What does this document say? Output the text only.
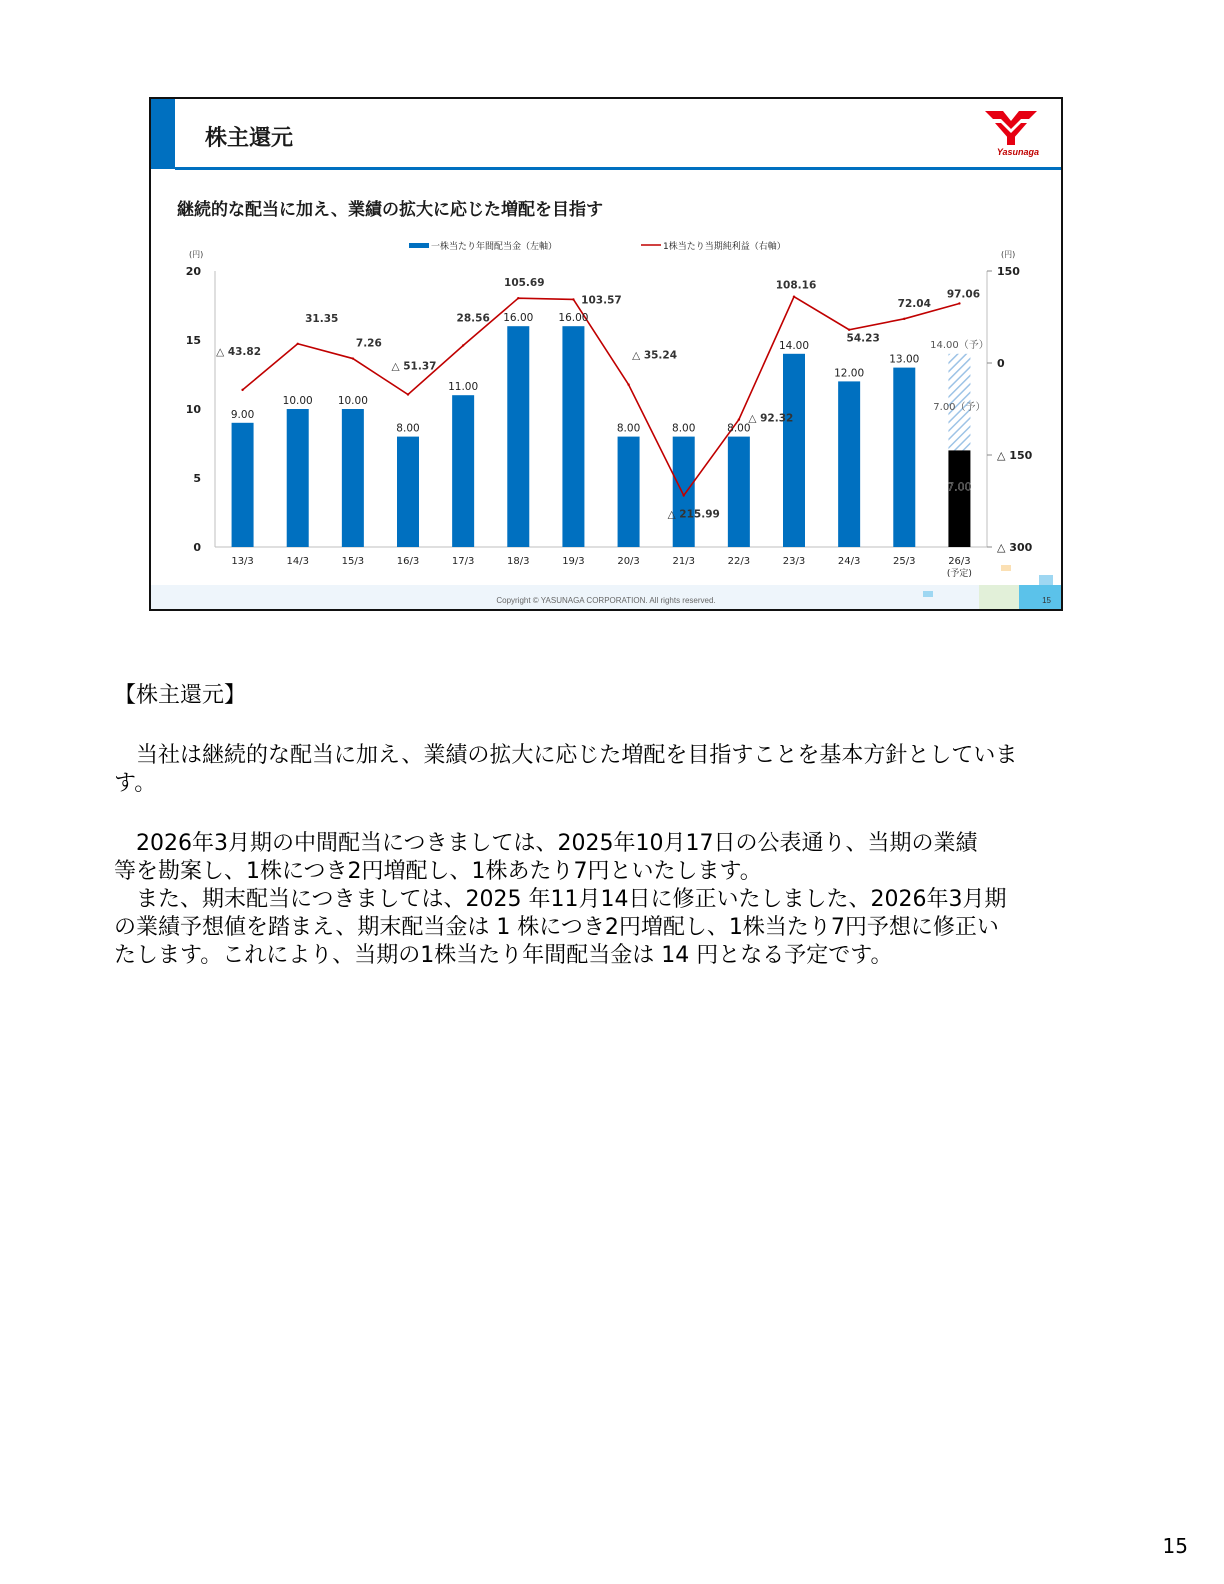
株主還元
Yasunaga
継続的な配当に加え、業績の拡大に応じた増配を目指す
一株当たり年間配当金（左軸）	1株当たり当期純利益（右軸）
(円)	(円)
0
5
10
15
20
△ 300
△ 150
0
150
13/3	14/3	15/3	16/3	17/3	18/3	19/3	20/3	21/3	22/3	23/3	24/3	25/3	26/3
(予定)
9.00
10.00 10.00
8.00
11.00
16.00 16.00
8.00	8.00	8.00
14.00
12.00
13.00
14.00（予）
7.00（予）
7.00
△ 43.82
31.35
7.26
△ 51.37
28.56
105.69
103.57
△ 35.24
△ 215.99
△ 92.32
108.16
54.23
72.04
97.06
Copyright © YASUNAGA CORPORATION. All rights reserved.	15

【株主還元】

　当社は継続的な配当に加え、業績の拡大に応じた増配を目指すことを基本方針としていま

す。

　2026年3月期の中間配当につきましては、2025年10月17日の公表通り、当期の業績

等を勘案し、1株につき2円増配し、1株あたり7円といたします。

　また、期末配当につきましては、2025 年11月14日に修正いたしました、2026年3月期

の業績予想値を踏まえ、期末配当金は 1 株につき2円増配し、1株当たり7円予想に修正い

たします。これにより、当期の1株当たり年間配当金は 14 円となる予定です。

15
